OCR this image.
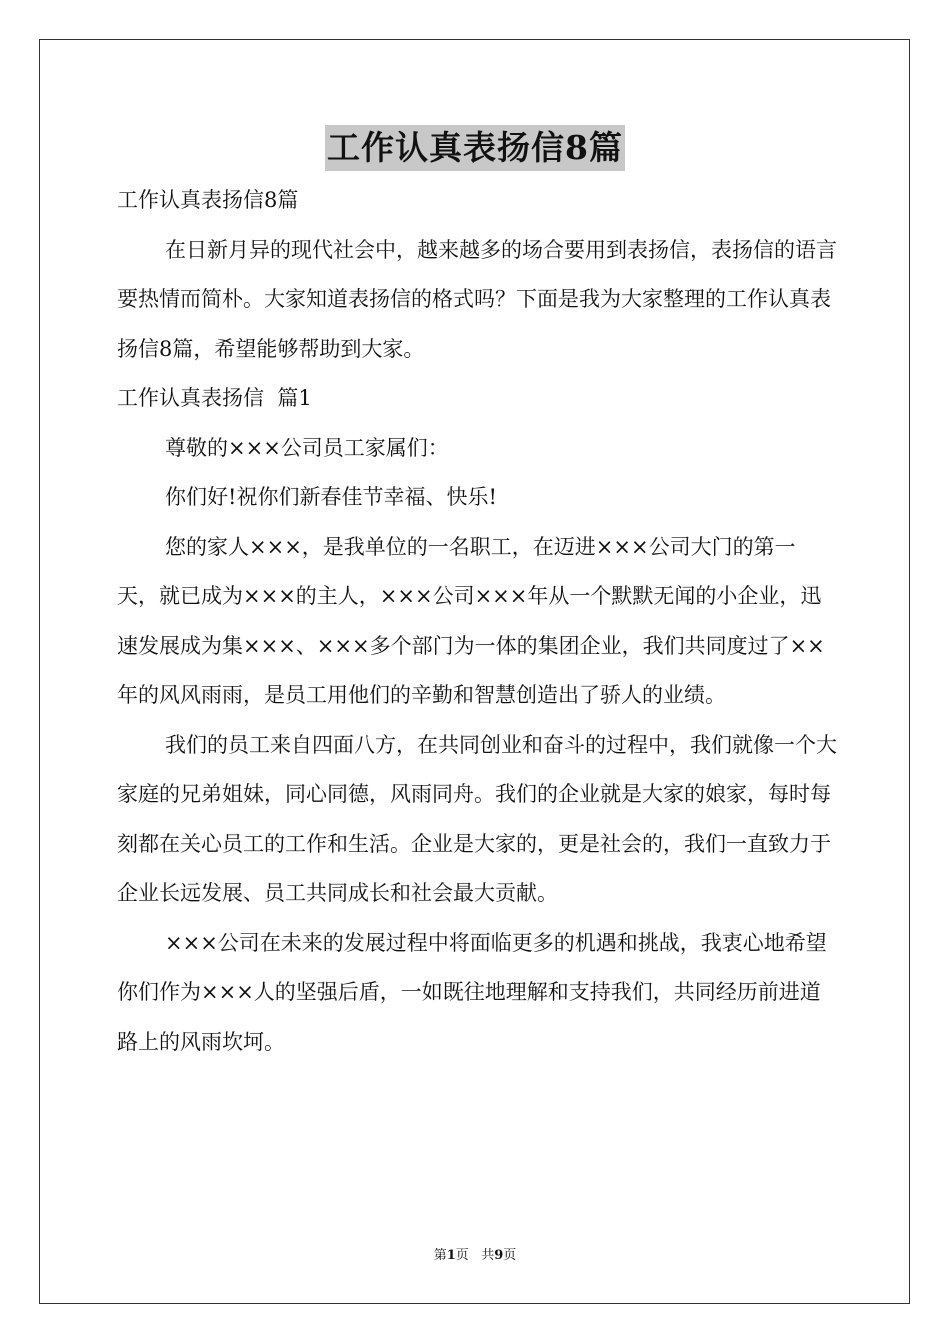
工作认真表扬信8篇

工作认真表扬信8篇

在日新月异的现代社会中，越来越多的场合要用到表扬信，表扬信的语言要热情而简朴。大家知道表扬信的格式吗？下面是我为大家整理的工作认真表扬信8篇，希望能够帮助到大家。

工作认真表扬信  篇1

尊敬的×××公司员工家属们：

你们好!祝你们新春佳节幸福、快乐!

您的家人×××，是我单位的一名职工，在迈进×××公司大门的第一天，就已成为×××的主人，×××公司×××年从一个默默无闻的小企业，迅速发展成为集×××、×××多个部门为一体的集团企业，我们共同度过了××年的风风雨雨，是员工用他们的辛勤和智慧创造出了骄人的业绩。

我们的员工来自四面八方，在共同创业和奋斗的过程中，我们就像一个大家庭的兄弟姐妹，同心同德，风雨同舟。我们的企业就是大家的娘家，每时每刻都在关心员工的工作和生活。企业是大家的，更是社会的，我们一直致力于企业长远发展、员工共同成长和社会最大贡献。

×××公司在未来的发展过程中将面临更多的机遇和挑战，我衷心地希望你们作为×××人的坚强后盾，一如既往地理解和支持我们，共同经历前进道路上的风雨坎坷。

第1页 共9页
